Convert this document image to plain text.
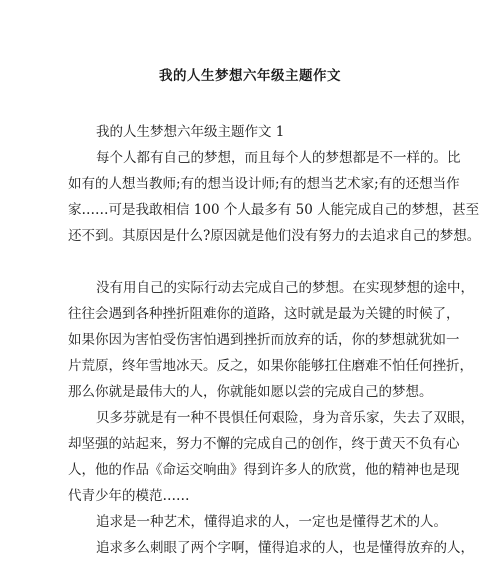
我的人生梦想六年级主题作文
我的人生梦想六年级主题作文 1
每个人都有自己的梦想，而且每个人的梦想都是不一样的。比
如有的人想当教师;有的想当设计师;有的想当艺术家;有的还想当作
家……可是我敢相信 100 个人最多有 50 人能完成自己的梦想，甚至
还不到。其原因是什么?原因就是他们没有努力的去追求自己的梦想。
没有用自己的实际行动去完成自己的梦想。在实现梦想的途中，
往往会遇到各种挫折阻难你的道路，这时就是最为关键的时候了，
如果你因为害怕受伤害怕遇到挫折而放弃的话，你的梦想就犹如一
片荒原，终年雪地冰天。反之，如果你能够扛住磨难不怕任何挫折，
那么你就是最伟大的人，你就能如愿以尝的完成自己的梦想。
贝多芬就是有一种不畏惧任何艰险，身为音乐家，失去了双眼，
却坚强的站起来，努力不懈的完成自己的创作，终于黄天不负有心
人，他的作品《命运交响曲》得到许多人的欣赏，他的精神也是现
代青少年的模范……
追求是一种艺术，懂得追求的人，一定也是懂得艺术的人。
追求多么刺眼了两个字啊，懂得追求的人，也是懂得放弃的人，
